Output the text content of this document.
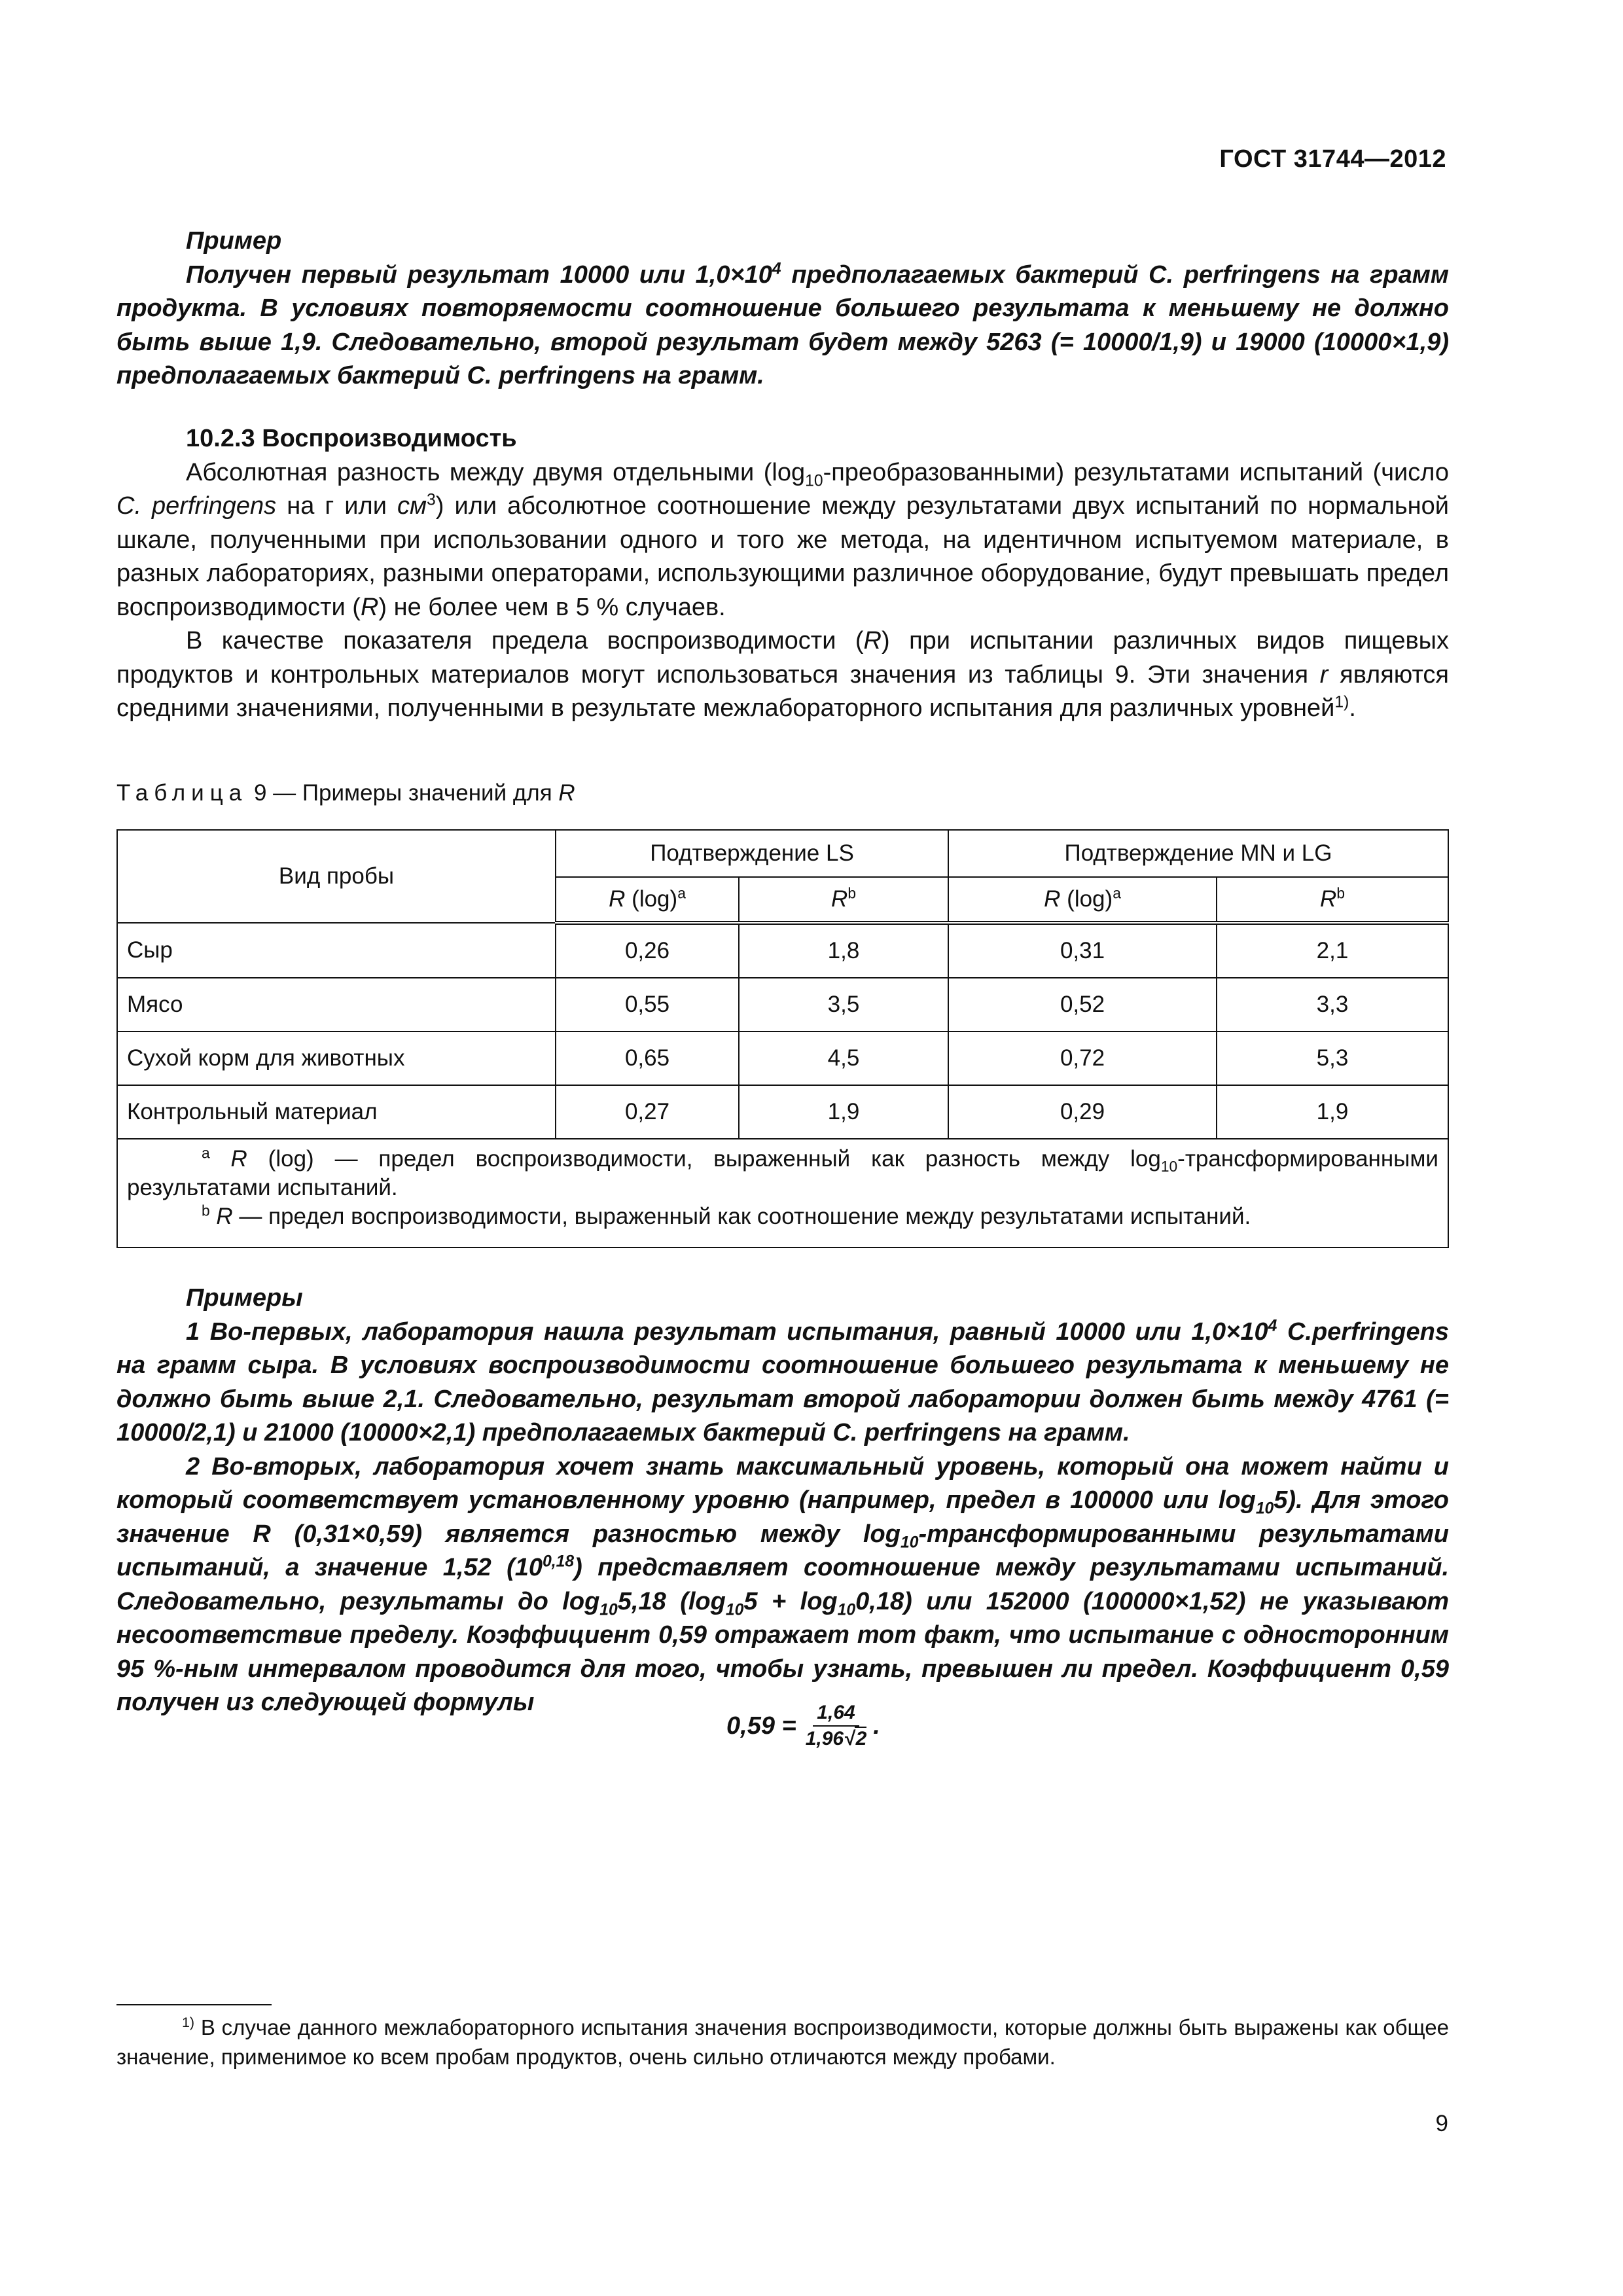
ГОСТ 31744—2012

Пример

Получен первый результат 10000 или $1,0\times 10^4$ предполагаемых бактерий C. perfringens на грамм продукта. В условиях повторяемости соотношение большего результата к меньшему не должно быть выше 1,9. Следовательно, второй результат будет между 5263 (= 10000/1,9) и 19000 (10000×1,9) предполагаемых бактерий C. perfringens на грамм.

10.2.3 Воспроизводимость

Абсолютная разность между двумя отдельными $(\log_{10}-преобразованными)$ результатами испытаний (число C. perfringens на г или $см^3$) или абсолютное соотношение между результатами двух испытаний по нормальной шкале, полученными при использовании одного и того же метода, на идентичном испытуемом материале, в разных лабораториях, разными операторами, использующими различное оборудование, будут превышать предел воспроизводимости (R) не более чем в 5 % случаев.

В качестве показателя предела воспроизводимости (R) при испытании различных видов пищевых продуктов и контрольных материалов могут использоваться значения из таблицы 9. Эти значения r являются средними значениями, полученными в результате межлабораторного испытания для различных уровней$^{1)}$.

Таблица 9 — Примеры значений для R
Вид пробы	Подтверждение LS		Подтверждение MN и LG	
	R $(\log)^a$	$R^b$	R $(\log)^a$	$R^b$
Сыр	0,26	1,8	0,31	2,1
Мясо	0,55	3,5	0,52	3,3
Сухой корм для животных	0,65	4,5	0,72	5,3
Контрольный материал	0,27	1,9	0,29	1,9

$^a$ R (log) — предел воспроизводимости, выраженный как разность между $\log_{10}$-трансформированными результатами испытаний.

$^b$ R — предел воспроизводимости, выраженный как соотношение между результатами испытаний.				

Примеры

1 Во-первых, лаборатория нашла результат испытания, равный 10000 или $1,0\times 10^4$ C.perfringens на грамм сыра. В условиях воспроизводимости соотношение большего результата к меньшему не должно быть выше 2,1. Следовательно, результат второй лаборатории должен быть между 4761 (= 10000/2,1) и 21000 (10000×2,1) предполагаемых бактерий C. perfringens на грамм.

2 Во-вторых, лаборатория хочет знать максимальный уровень, который она может найти и который соответствует установленному уровню (например, предел в 100000 или $\log_{10}5$). Для этого значение R (0,31×0,59) является разностью между $\log_{10}$-трансформированными результатами испытаний, а значение 1,52 (10$^{0,18}$) представляет соотношение между результатами испытаний. Следовательно, результаты до $\log_{10}5,18$ $(\log_{10}5 + \log_{10}0,18)$ или 152000 (100000×1,52) не указывают несоответствие пределу. Коэффициент 0,59 отражает тот факт, что испытание с односторонним 95 %-ным интервалом проводится для того, чтобы узнать, превышен ли предел. Коэффициент 0,59 получен из следующей формулы

$0,59 = \frac{1,64}{1,96√2}$ .

$^{1)}$ В случае данного межлабораторного испытания значения воспроизводимости, которые должны быть выражены как общее значение, применимое ко всем пробам продуктов, очень сильно отличаются между пробами.

9
